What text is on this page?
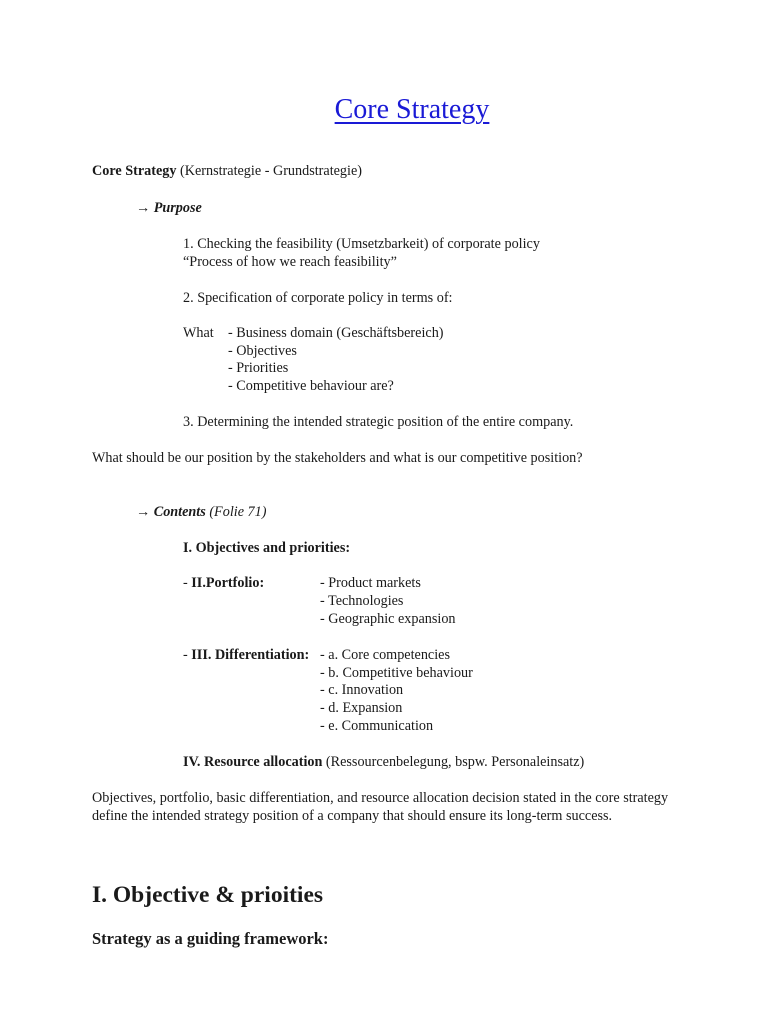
Core Strategy
Core Strategy (Kernstrategie - Grundstrategie)
→ Purpose
1. Checking the feasibility (Umsetzbarkeit) of corporate policy
“Process of how we reach feasibility”
2. Specification of corporate policy in terms of:
What - Business domain (Geschäftsbereich)
- Objectives
- Priorities
- Competitive behaviour are?
3. Determining the intended strategic position of the entire company.
What should be our position by the stakeholders and what is our competitive position?
→ Contents (Folie 71)
I. Objectives and priorities:
- II.Portfolio:	- Product markets
- Technologies
- Geographic expansion
- III. Differentiation: - a. Core competencies
- b. Competitive behaviour
- c. Innovation
- d. Expansion
- e. Communication
IV. Resource allocation (Ressourcenbelegung, bspw. Personaleinsatz)
Objectives, portfolio, basic differentiation, and resource allocation decision stated in the core strategy define the intended strategy position of a company that should ensure its long-term success.
I. Objective & prioities
Strategy as a guiding framework:
